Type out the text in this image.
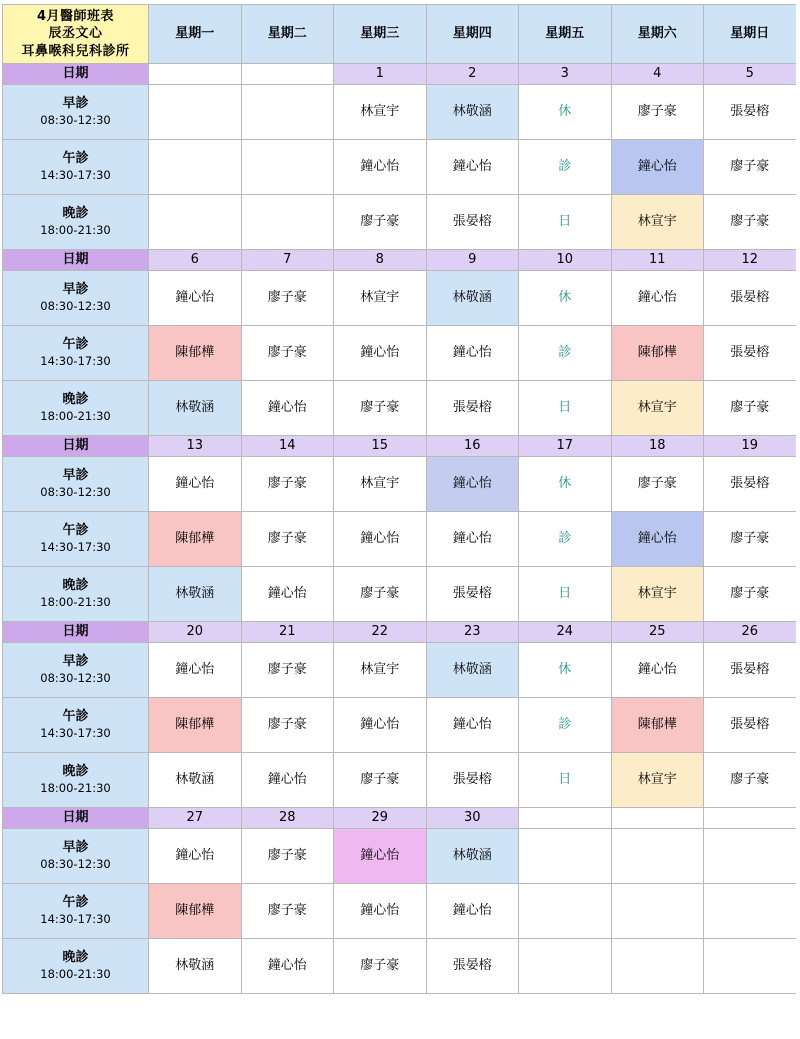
4月醫師班表
辰丞文心
耳鼻喉科兒科診所	星期一	星期二	星期三	星期四	星期五	星期六	星期日
日期			1	2	3	4	5

早診
08:30-12:30			林宣宇	林敬涵	休	廖子豪	張晏榕

午診
14:30-17:30			鐘心怡	鐘心怡	診	鐘心怡	廖子豪

晚診
18:00-21:30			廖子豪	張晏榕	日	林宣宇	廖子豪
日期	6	7	8	9	10	11	12

早診
08:30-12:30	鐘心怡	廖子豪	林宣宇	林敬涵	休	鐘心怡	張晏榕

午診
14:30-17:30	陳郁樺	廖子豪	鐘心怡	鐘心怡	診	陳郁樺	張晏榕

晚診
18:00-21:30	林敬涵	鐘心怡	廖子豪	張晏榕	日	林宣宇	廖子豪
日期	13	14	15	16	17	18	19

早診
08:30-12:30	鐘心怡	廖子豪	林宣宇	鐘心怡	休	廖子豪	張晏榕

午診
14:30-17:30	陳郁樺	廖子豪	鐘心怡	鐘心怡	診	鐘心怡	廖子豪

晚診
18:00-21:30	林敬涵	鐘心怡	廖子豪	張晏榕	日	林宣宇	廖子豪
日期	20	21	22	23	24	25	26

早診
08:30-12:30	鐘心怡	廖子豪	林宣宇	林敬涵	休	鐘心怡	張晏榕

午診
14:30-17:30	陳郁樺	廖子豪	鐘心怡	鐘心怡	診	陳郁樺	張晏榕

晚診
18:00-21:30	林敬涵	鐘心怡	廖子豪	張晏榕	日	林宣宇	廖子豪
日期	27	28	29	30			

早診
08:30-12:30	鐘心怡	廖子豪	鐘心怡	林敬涵			

午診
14:30-17:30	陳郁樺	廖子豪	鐘心怡	鐘心怡			

晚診
18:00-21:30	林敬涵	鐘心怡	廖子豪	張晏榕			
